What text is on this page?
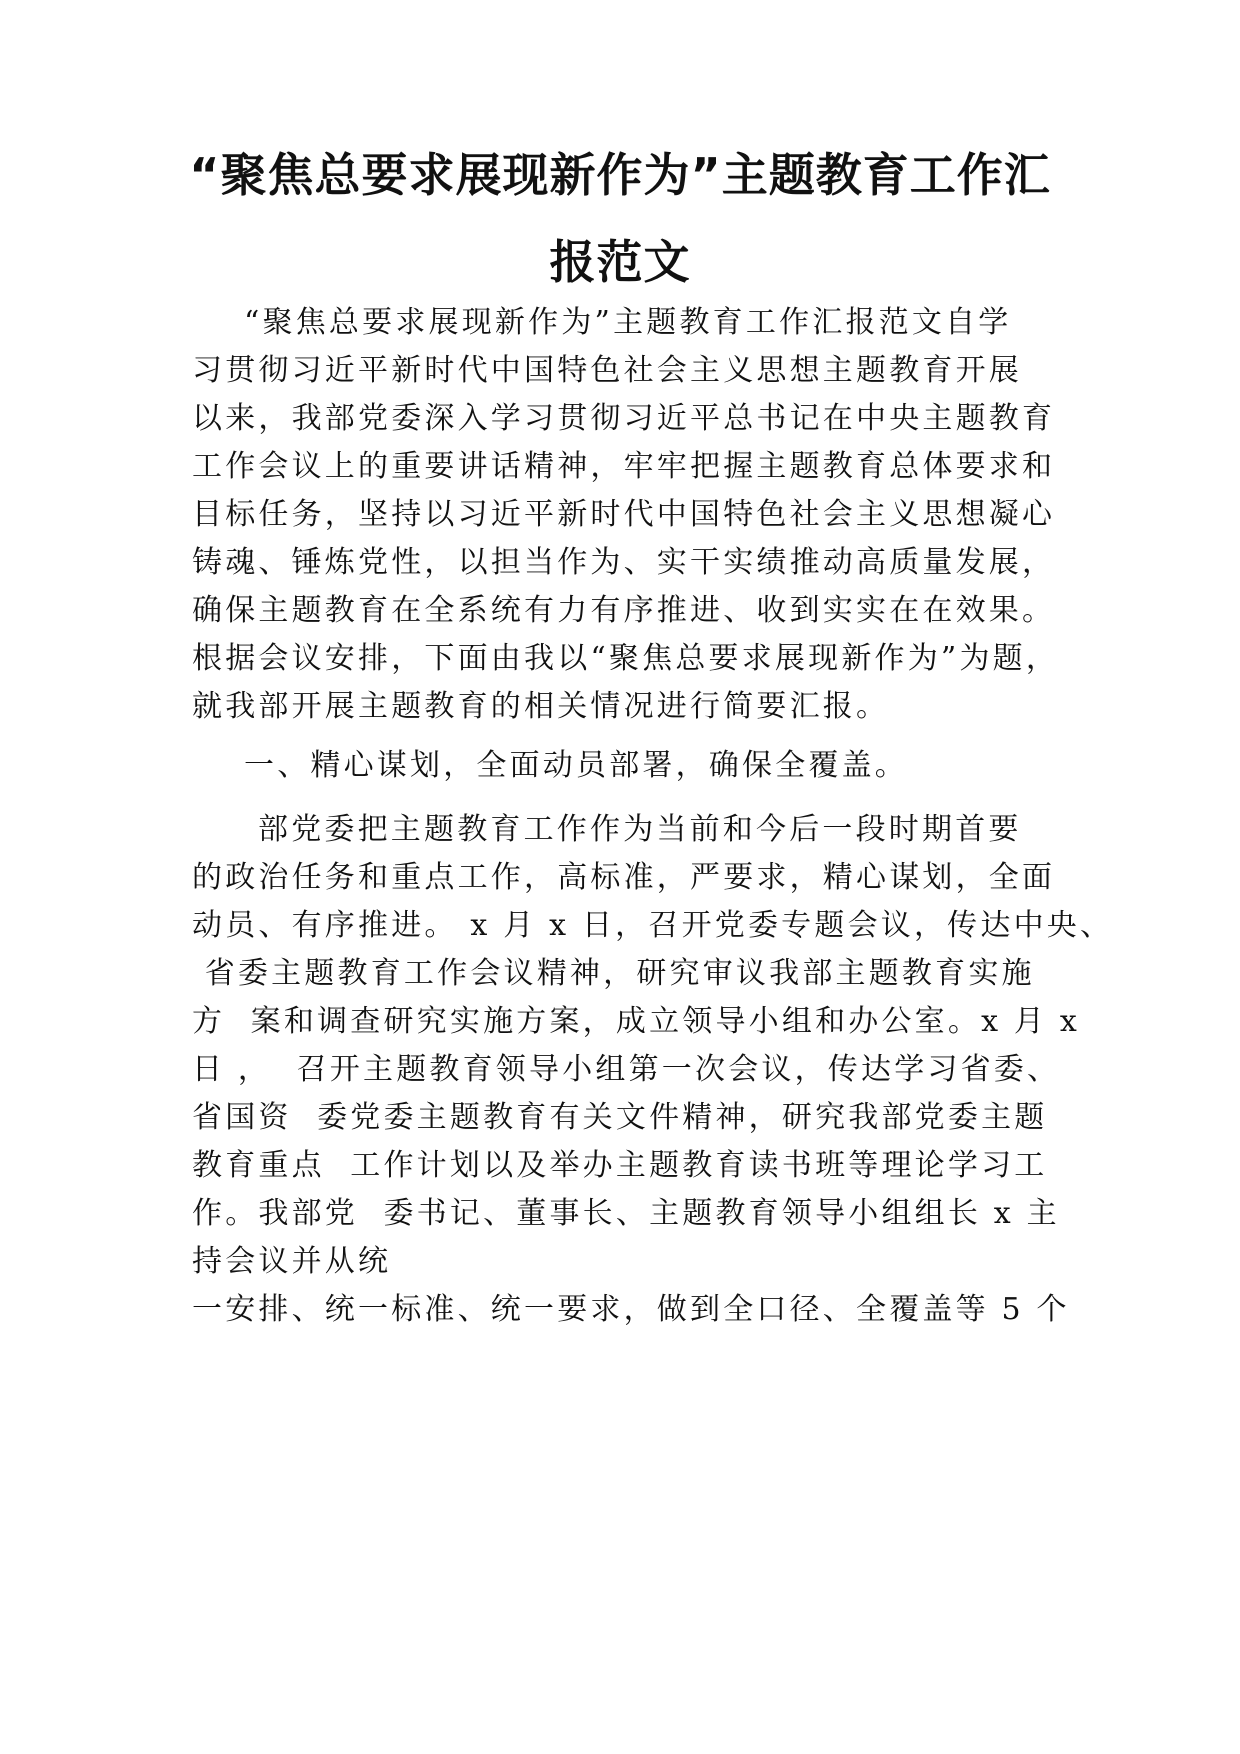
“聚焦总要求展现新作为”主题教育工作汇
报范文
“聚焦总要求展现新作为”主题教育工作汇报范文自学
习贯彻习近平新时代中国特色社会主义思想主题教育开展
以来，我部党委深入学习贯彻习近平总书记在中央主题教育
工作会议上的重要讲话精神，牢牢把握主题教育总体要求和
目标任务，坚持以习近平新时代中国特色社会主义思想凝心
铸魂、锤炼党性，以担当作为、实干实绩推动高质量发展，
确保主题教育在全系统有力有序推进、收到实实在在效果。
根据会议安排，下面由我以“聚焦总要求展现新作为”为题，
就我部开展主题教育的相关情况进行简要汇报。
一、精心谋划，全面动员部署，确保全覆盖。
部党委把主题教育工作作为当前和今后一段时期首要
的政治任务和重点工作，高标准，严要求，精心谋划，全面
动员、有序推进。 x 月 x 日，召开党委专题会议，传达中央、
省委主题教育工作会议精神，研究审议我部主题教育实施
方  案和调查研究实施方案，成立领导小组和办公室。x 月 x
日 ，  召开主题教育领导小组第一次会议，传达学习省委、
省国资  委党委主题教育有关文件精神，研究我部党委主题
教育重点  工作计划以及举办主题教育读书班等理论学习工
作。我部党  委书记、董事长、主题教育领导小组组长 x 主
持会议并从统
一安排、统一标准、统一要求，做到全口径、全覆盖等 5 个
